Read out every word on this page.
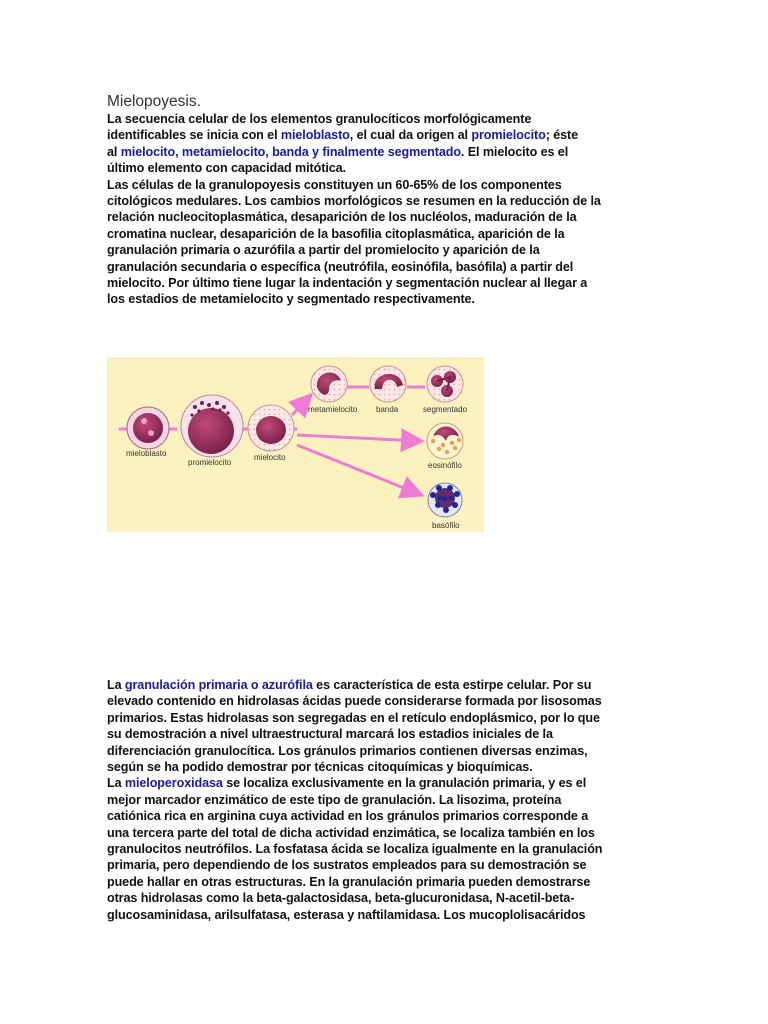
Mielopoyesis.
La secuencia celular de los elementos granulocíticos morfológicamente
identificables se inicia con el mieloblasto, el cual da origen al promielocito; éste
al mielocito, metamielocito, banda y finalmente segmentado. El mielocito es el
último elemento con capacidad mitótica.
Las células de la granulopoyesis constituyen un 60-65% de los componentes
citológicos medulares. Los cambios morfológicos se resumen en la reducción de la
relación nucleocitoplasmática, desaparición de los nucléolos, maduración de la
cromatina nuclear, desaparición de la basofilia citoplasmática, aparición de la
granulación primaria o azurófila a partir del promielocito y aparición de la
granulación secundaria o específica (neutrófila, eosinófila, basófila) a partir del
mielocito. Por último tiene lugar la indentación y segmentación nuclear al llegar a
los estadios de metamielocito y segmentado respectivamente.
mieloblasto
promielocito
mielocito
metamielocito banda	segmentado
eosinófilo
basófilo
La granulación primaria o azurófila es característica de esta estirpe celular. Por su
elevado contenido en hidrolasas ácidas puede considerarse formada por lisosomas
primarios. Estas hidrolasas son segregadas en el retículo endoplásmico, por lo que
su demostración a nivel ultraestructural marcará los estadios iniciales de la
diferenciación granulocítica. Los gránulos primarios contienen diversas enzimas,
según se ha podido demostrar por técnicas citoquímicas y bioquímicas.
La mieloperoxidasa se localiza exclusivamente en la granulación primaria, y es el
mejor marcador enzimático de este tipo de granulación. La lisozima, proteína
catiónica rica en arginina cuya actividad en los gránulos primarios corresponde a
una tercera parte del total de dicha actividad enzimática, se localiza también en los
granulocitos neutrófilos. La fosfatasa ácida se localiza igualmente en la granulación
primaria, pero dependiendo de los sustratos empleados para su demostración se
puede hallar en otras estructuras. En la granulación primaria pueden demostrarse
otras hidrolasas como la beta-galactosidasa, beta-glucuronidasa, N-acetil-beta-
glucosaminidasa, arilsulfatasa, esterasa y naftilamidasa. Los mucoplolisacáridos
